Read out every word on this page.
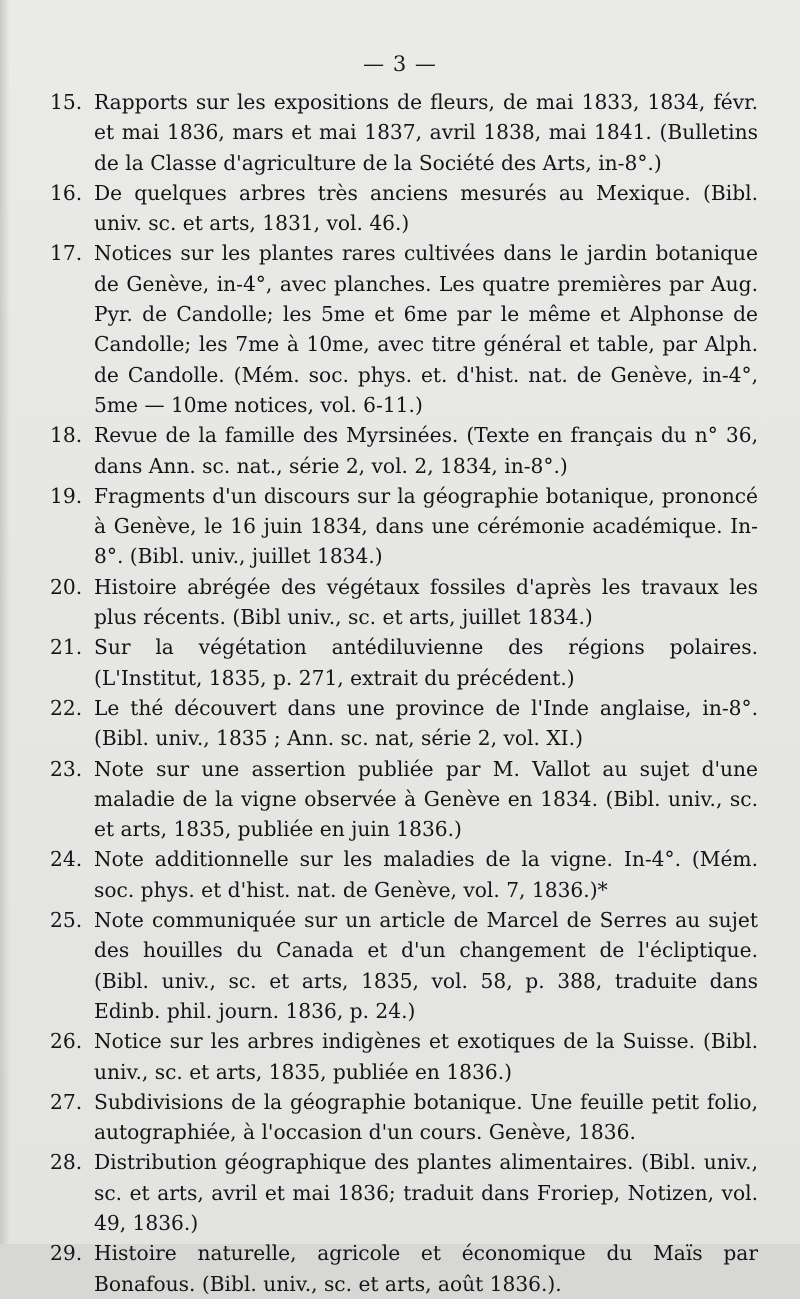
— 3 —
15. Rapports sur les expositions de fleurs, de mai 1833, 1834, févr. et mai 1836, mars et mai 1837, avril 1838, mai 1841. (Bulletins de la Classe d'agriculture de la Société des Arts, in-8°.)
16. De quelques arbres très anciens mesurés au Mexique. (Bibl. univ. sc. et arts, 1831, vol. 46.)
17. Notices sur les plantes rares cultivées dans le jardin botanique de Genève, in-4°, avec planches. Les quatre premières par Aug. Pyr. de Candolle; les 5me et 6me par le même et Alphonse de Candolle; les 7me à 10me, avec titre général et table, par Alph. de Candolle. (Mém. soc. phys. et. d'hist. nat. de Genève, in-4°, 5me — 10me notices, vol. 6-11.)
18. Revue de la famille des Myrsinées. (Texte en français du n° 36, dans Ann. sc. nat., série 2, vol. 2, 1834, in-8°.)
19. Fragments d'un discours sur la géographie botanique, prononcé à Genève, le 16 juin 1834, dans une cérémonie académique. In-8°. (Bibl. univ., juillet 1834.)
20. Histoire abrégée des végétaux fossiles d'après les travaux les plus récents. (Bibl univ., sc. et arts, juillet 1834.)
21. Sur la végétation antédiluvienne des régions polaires. (L'Institut, 1835, p. 271, extrait du précédent.)
22. Le thé découvert dans une province de l'Inde anglaise, in-8°. (Bibl. univ., 1835 ; Ann. sc. nat, série 2, vol. XI.)
23. Note sur une assertion publiée par M. Vallot au sujet d'une maladie de la vigne observée à Genève en 1834. (Bibl. univ., sc. et arts, 1835, publiée en juin 1836.)
24. Note additionnelle sur les maladies de la vigne. In-4°. (Mém. soc. phys. et d'hist. nat. de Genève, vol. 7, 1836.)*
25. Note communiquée sur un article de Marcel de Serres au sujet des houilles du Canada et d'un changement de l'écliptique. (Bibl. univ., sc. et arts, 1835, vol. 58, p. 388, traduite dans Edinb. phil. journ. 1836, p. 24.)
26. Notice sur les arbres indigènes et exotiques de la Suisse. (Bibl. univ., sc. et arts, 1835, publiée en 1836.)
27. Subdivisions de la géographie botanique. Une feuille petit folio, autographiée, à l'occasion d'un cours. Genève, 1836.
28. Distribution géographique des plantes alimentaires. (Bibl. univ., sc. et arts, avril et mai 1836; traduit dans Froriep, Notizen, vol. 49, 1836.)
29. Histoire naturelle, agricole et économique du Maïs par Bonafous. (Bibl. univ., sc. et arts, août 1836.).
